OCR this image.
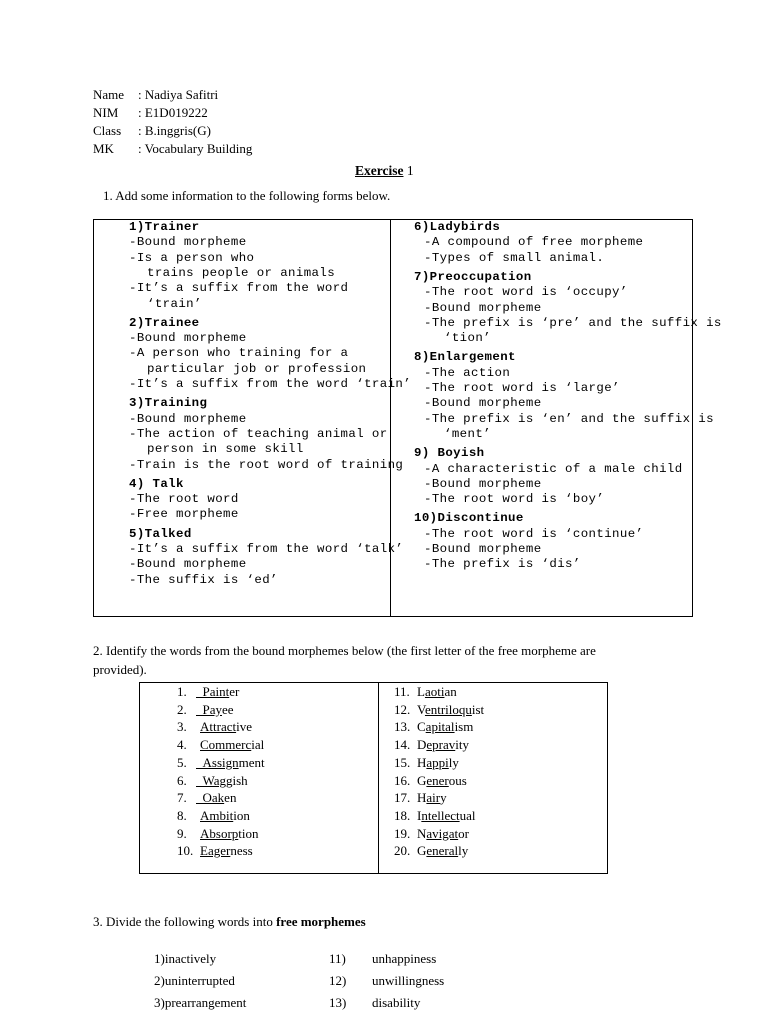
Name : Nadiya Safitri
NIM : E1D019222
Class : B.inggris(G)
MK : Vocabulary Building
Exercise 1
1. Add some information to the following forms below.
1)Trainer
-Bound morpheme
-Is a person who
trains people or animals
-It’s a suffix from the word
‘train’
2)Trainee
-Bound morpheme
-A person who training for a
particular job or profession
-It’s a suffix from the word ‘train’
3)Training
-Bound morpheme
-The action of teaching animal or
person in some skill
-Train is the root word of training
4) Talk
-The root word
-Free morpheme
5)Talked
-It’s a suffix from the word ‘talk’
-Bound morpheme
-The suffix is ‘ed’
6)Ladybirds
-A compound of free morpheme
-Types of small animal.
7)Preoccupation
-The root word is ‘occupy’
-Bound morpheme
-The prefix is ‘pre’ and the suffix is
‘tion’
8)Enlargement
-The action
-The root word is ‘large’
-Bound morpheme
-The prefix is ‘en’ and the suffix is
‘ment’
9) Boyish
-A characteristic of a male child
-Bound morpheme
-The root word is ‘boy’
10)Discontinue
-The root word is ‘continue’
-Bound morpheme
-The prefix is ‘dis’
2. Identify the words from the bound morphemes below (the first letter of the free morpheme are
provided).
1. Painter
2. Payee
3. Attractive
4. Commercial
5. Assignment
6. Waggish
7. Oaken
8. Ambition
9. Absorption
10. Eagerness
11. Laotian
12. Ventriloquist
13. Capitalism
14. Depravity
15. Happily
16. Generous
17. Hairy
18. Intellectual
19. Navigator
20. Generally
3. Divide the following words into free morphemes
1)inactively	11) unhappiness
2)uninterrupted	12) unwillingness
3)prearrangement	13) disability
